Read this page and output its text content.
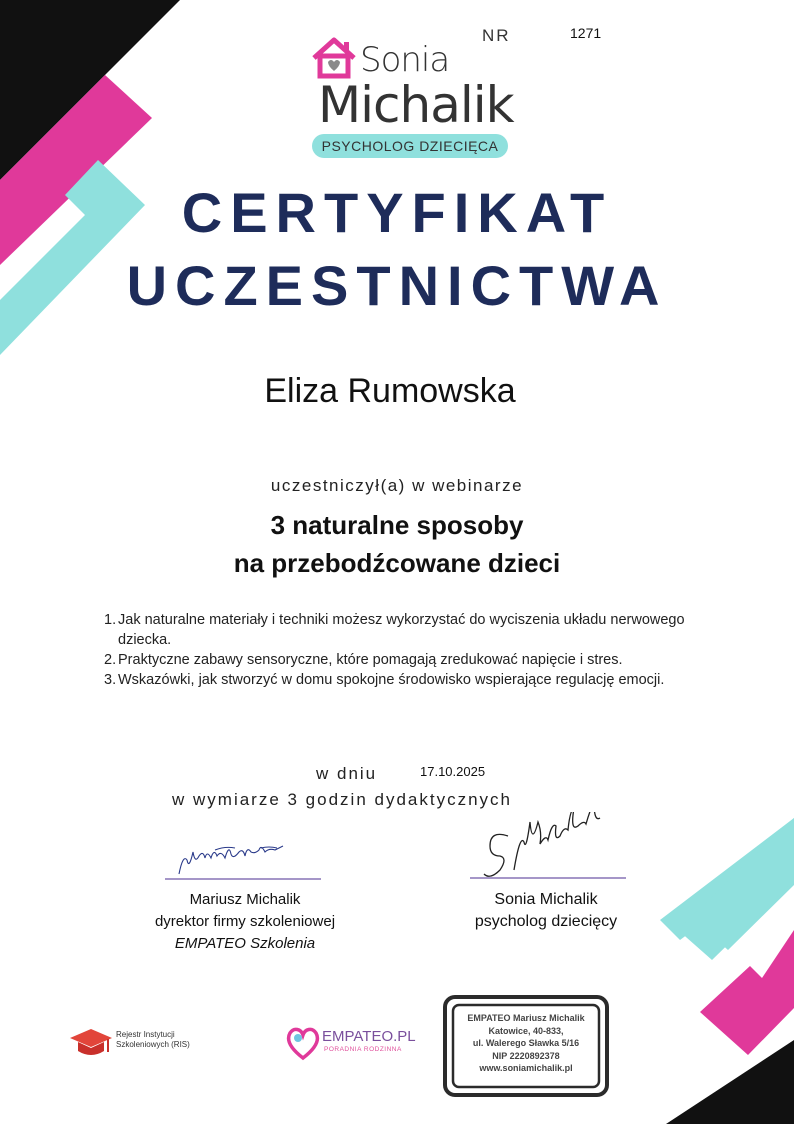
NR	1271
Sonia
Michalik
PSYCHOLOG DZIECIĘCA
CERTYFIKAT
UCZESTNICTWA
Eliza Rumowska
uczestniczył(a) w webinarze
3 naturalne sposoby
na przebodźcowane dzieci
1. Jak naturalne materiały i techniki możesz wykorzystać do wyciszenia układu nerwowego dziecka.
2. Praktyczne zabawy sensoryczne, które pomagają zredukować napięcie i stres.
3. Wskazówki, jak stworzyć w domu spokojne środowisko wspierające regulację emocji.
w dniu	17.10.2025
w wymiarze 3 godzin dydaktycznych
Mariusz Michalik
dyrektor firmy szkoleniowej
EMPATEO Szkolenia
Sonia Michalik
psycholog dziecięcy
Rejestr Instytucji
Szkoleniowych (RIS)	EMPATEO.PL
PORADNIA RODZINNA
EMPATEO Mariusz Michalik
Katowice, 40-833,
ul. Walerego Sławka 5/16
NIP 2220892378
www.soniamichalik.pl
